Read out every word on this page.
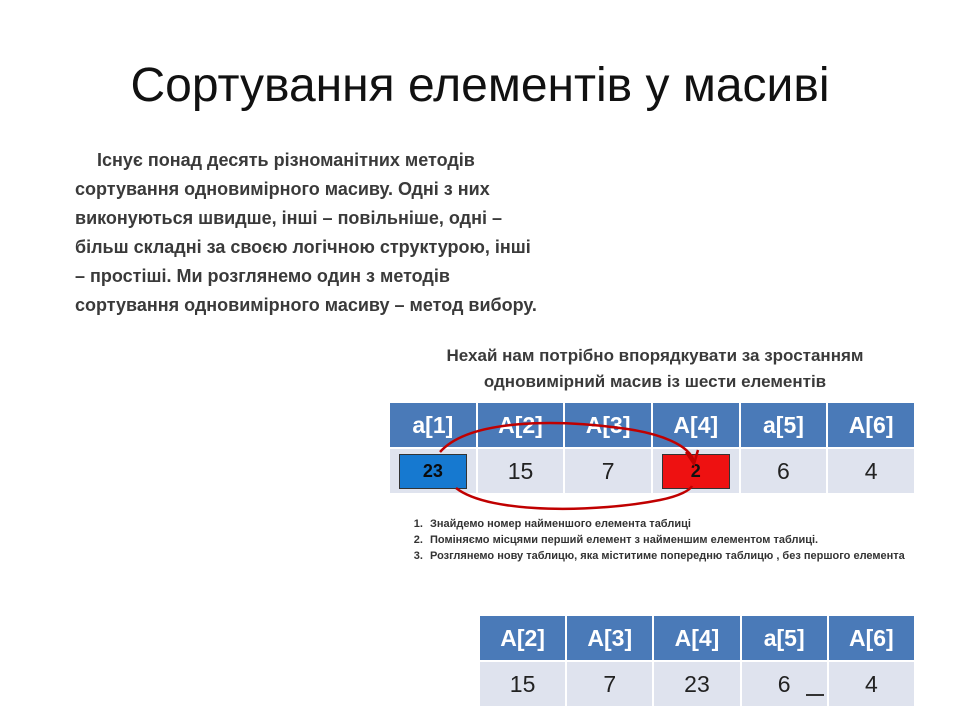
Сортування елементів у масиві
Існує понад десять різноманітних методів сортування одновимірного масиву. Одні з них виконуються швидше, інші – повільніше, одні – більш складні за своєю логічною структурою, інші – простіші. Ми розглянемо один з методів сортування одновимірного масиву – метод вибору.
Нехай нам потрібно впорядкувати за зростанням
одновимірний масив із шести елементів
a[1]	A[2]	A[3]	A[4]	a[5]	A[6]
23	15	7	2	6	4
1. Знайдемо номер найменшого елемента таблиці
2. Поміняємо місцями перший елемент з найменшим елементом таблиці.
3. Розглянемо нову таблицю, яка міститиме попередню таблицю , без першого елемента
A[2]	A[3]	A[4]	a[5]	A[6]
15	7	23	6	4
